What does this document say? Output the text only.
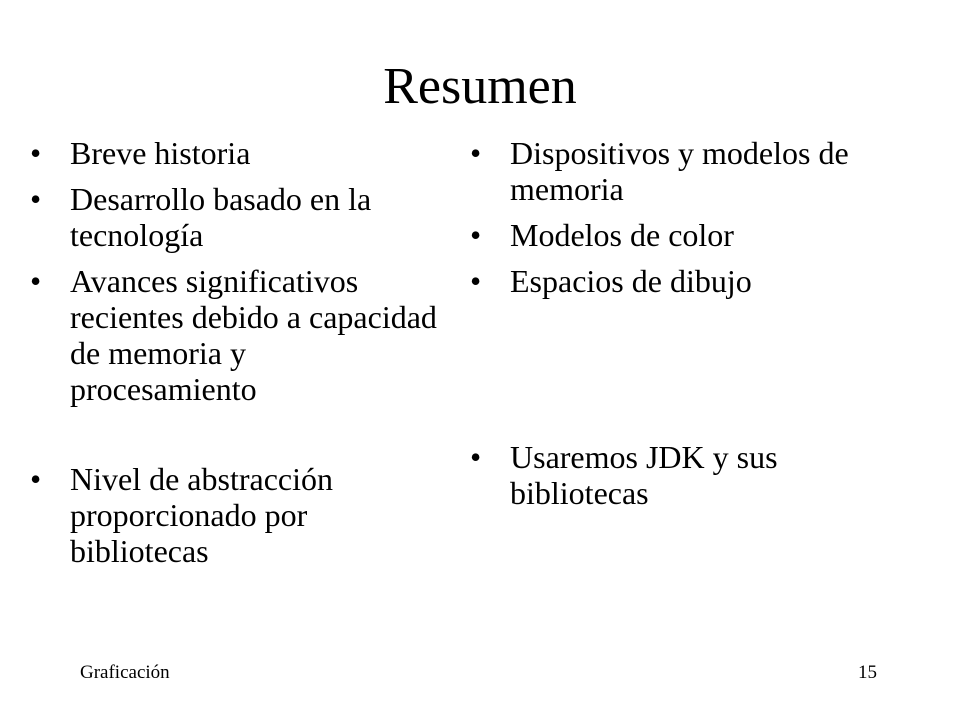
Resumen
• Breve historia
• Desarrollo basado en la tecnología
• Avances significativos recientes debido a capacidad de memoria y procesamiento
• Nivel de abstracción proporcionado por bibliotecas
• Dispositivos y modelos de memoria
• Modelos de color
• Espacios de dibujo
• Usaremos JDK y sus bibliotecas
Graficación	15
